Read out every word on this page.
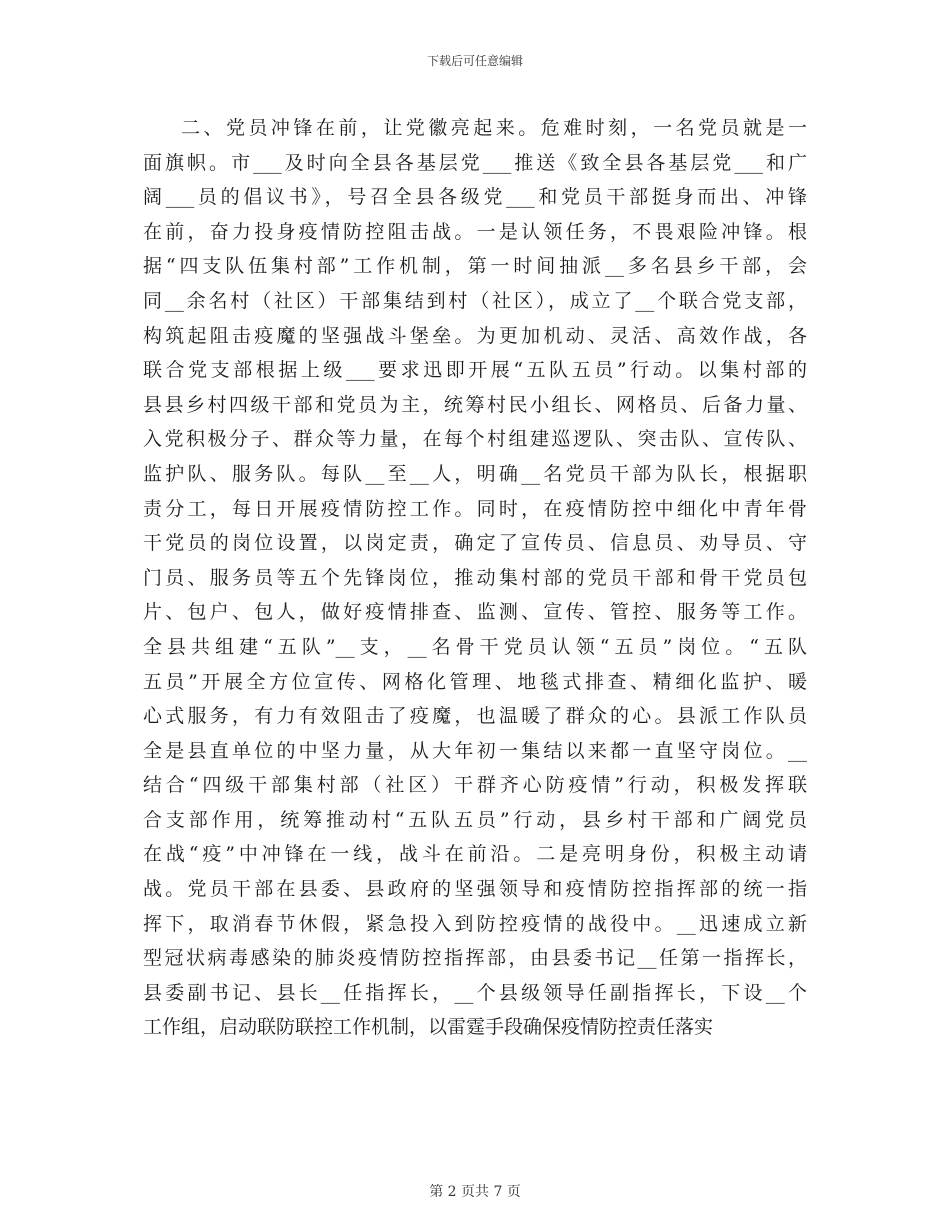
下载后可任意编辑
二、党员冲锋在前，让党徽亮起来。危难时刻，一名党员就是一
面旗帜。市___及时向全县各基层党___推送《致全县各基层党___和广
阔___员的倡议书》，号召全县各级党___和党员干部挺身而出、冲锋
在前，奋力投身疫情防控阻击战。一是认领任务，不畏艰险冲锋。根
据“四支队伍集村部”工作机制，第一时间抽派__多名县乡干部，会
同__余名村（社区）干部集结到村（社区），成立了__个联合党支部，
构筑起阻击疫魔的坚强战斗堡垒。为更加机动、灵活、高效作战，各
联合党支部根据上级___要求迅即开展“五队五员”行动。以集村部的
县县乡村四级干部和党员为主，统筹村民小组长、网格员、后备力量、
入党积极分子、群众等力量，在每个村组建巡逻队、突击队、宣传队、
监护队、服务队。每队__至__人，明确__名党员干部为队长，根据职
责分工，每日开展疫情防控工作。同时，在疫情防控中细化中青年骨
干党员的岗位设置，以岗定责，确定了宣传员、信息员、劝导员、守
门员、服务员等五个先锋岗位，推动集村部的党员干部和骨干党员包
片、包户、包人，做好疫情排查、监测、宣传、管控、服务等工作。
全县共组建“五队”__支，__名骨干党员认领“五员”岗位。“五队
五员”开展全方位宣传、网格化管理、地毯式排查、精细化监护、暖
心式服务，有力有效阻击了疫魔，也温暖了群众的心。县派工作队员
全是县直单位的中坚力量，从大年初一集结以来都一直坚守岗位。__
结合“四级干部集村部（社区）干群齐心防疫情”行动，积极发挥联
合支部作用，统筹推动村“五队五员”行动，县乡村干部和广阔党员
在战“疫”中冲锋在一线，战斗在前沿。二是亮明身份，积极主动请
战。党员干部在县委、县政府的坚强领导和疫情防控指挥部的统一指
挥下，取消春节休假，紧急投入到防控疫情的战役中。__迅速成立新
型冠状病毒感染的肺炎疫情防控指挥部，由县委书记__任第一指挥长，
县委副书记、县长__任指挥长，__个县级领导任副指挥长，下设__个
工作组，启动联防联控工作机制，以雷霆手段确保疫情防控责任落实
第 2 页共 7 页
